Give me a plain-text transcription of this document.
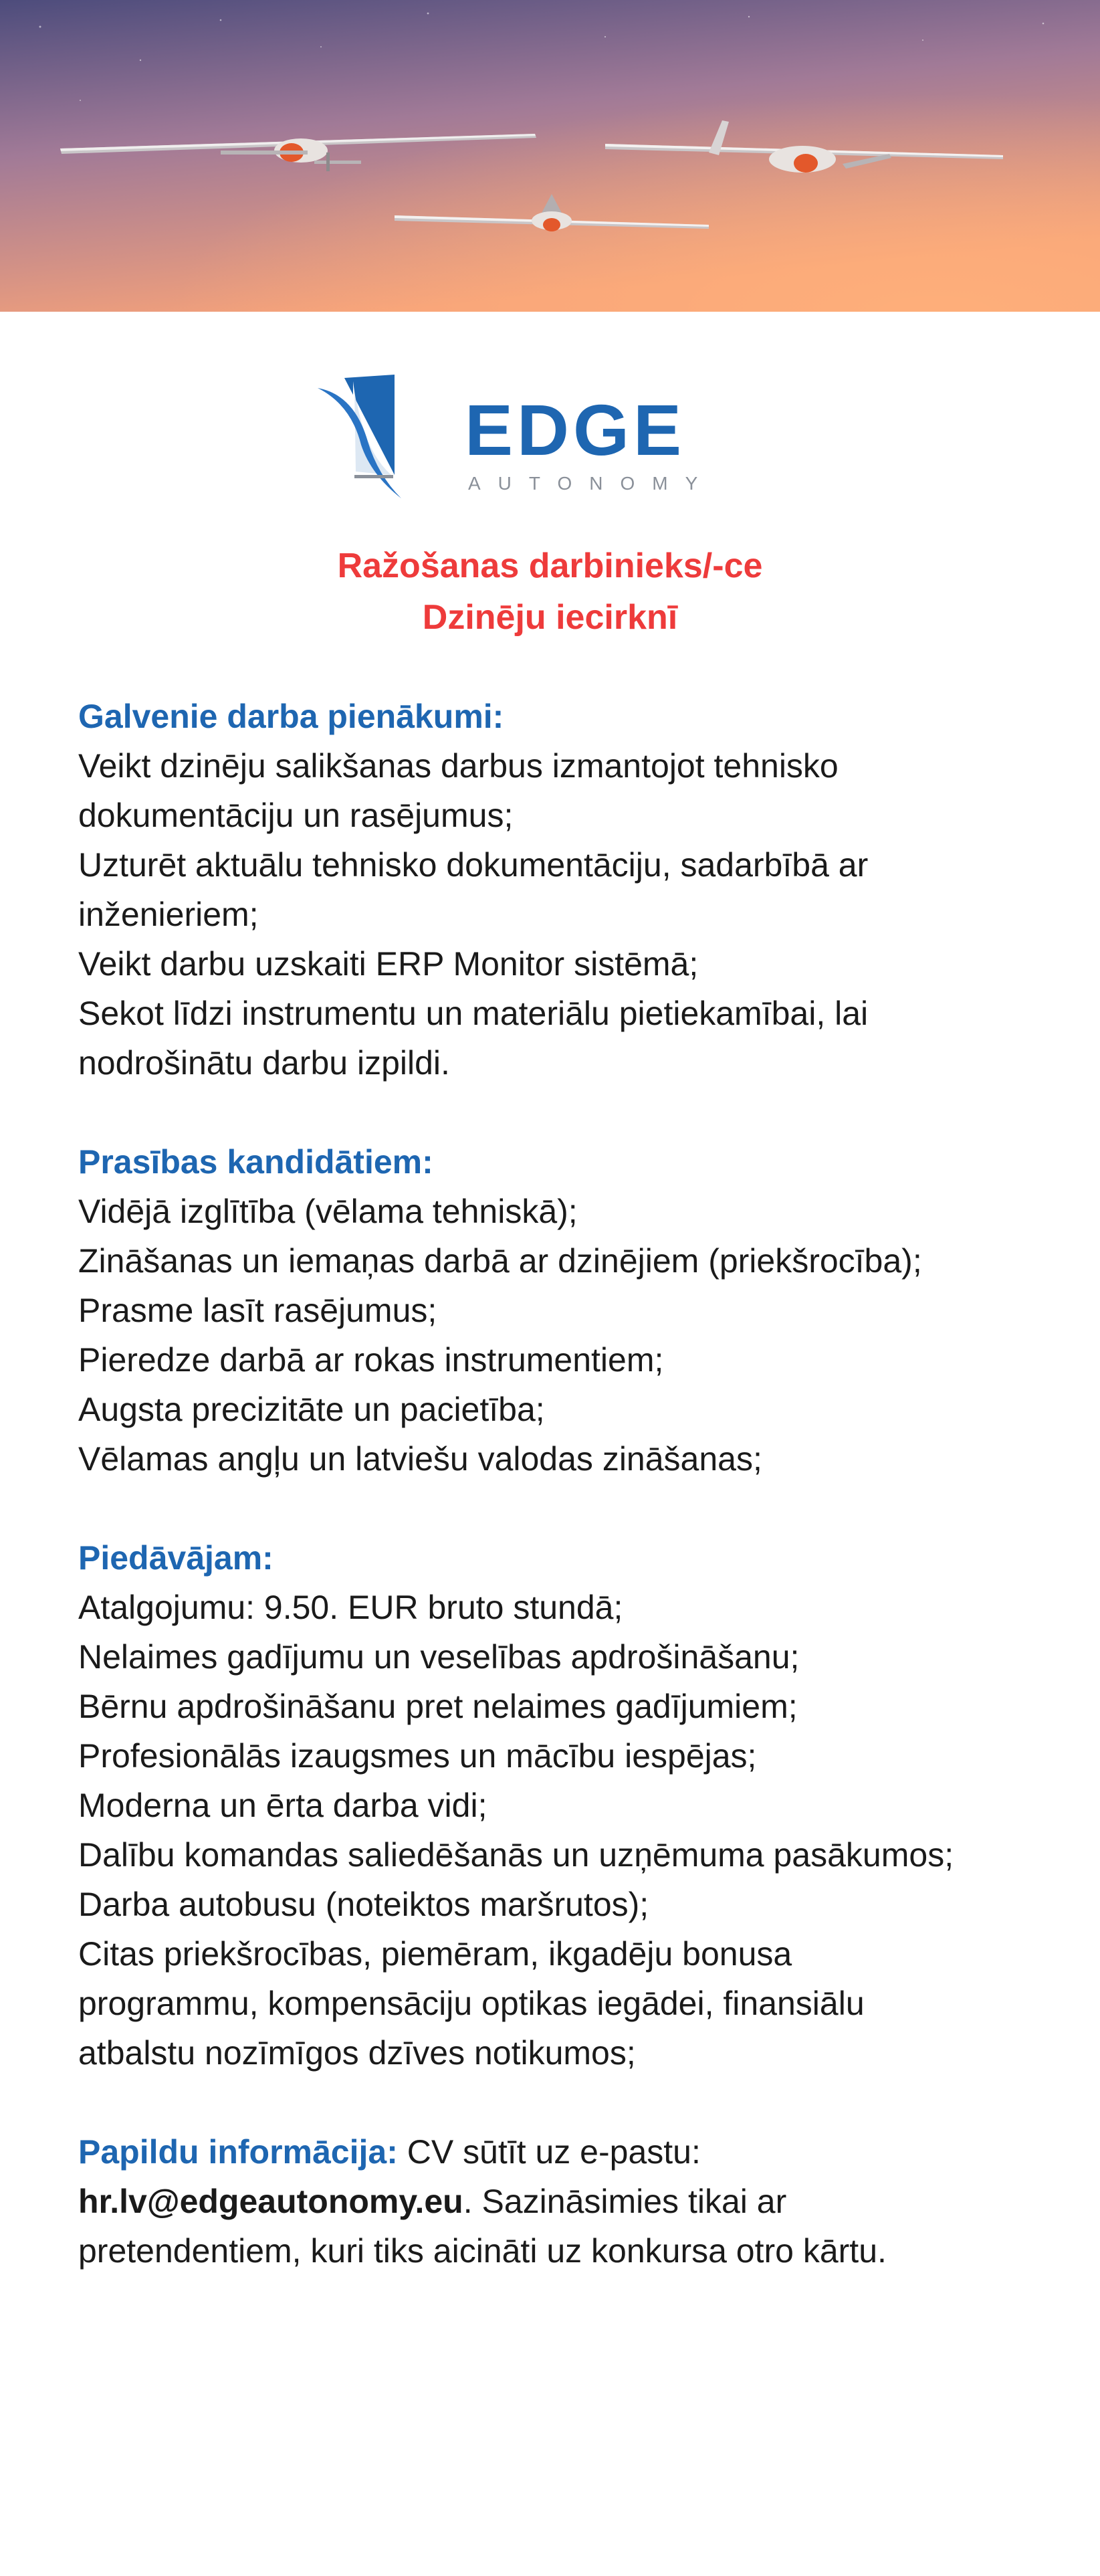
EDGE
AUTONOMY
Ražošanas darbinieks/-ce
Dzinēju iecirknī

Galvenie darba pienākumi:

Veikt dzinēju salikšanas darbus izmantojot tehnisko

dokumentāciju un rasējumus;

Uzturēt aktuālu tehnisko dokumentāciju, sadarbībā ar

inženieriem;

Veikt darbu uzskaiti ERP Monitor sistēmā;

Sekot līdzi instrumentu un materiālu pietiekamībai, lai

nodrošinātu darbu izpildi.

Prasības kandidātiem:

Vidējā izglītība (vēlama tehniskā);

Zināšanas un iemaņas darbā ar dzinējiem (priekšrocība);

Prasme lasīt rasējumus;

Pieredze darbā ar rokas instrumentiem;

Augsta precizitāte un pacietība;

Vēlamas angļu un latviešu valodas zināšanas;

Piedāvājam:

Atalgojumu: 9.50. EUR bruto stundā;

Nelaimes gadījumu un veselības apdrošināšanu;

Bērnu apdrošināšanu pret nelaimes gadījumiem;

Profesionālās izaugsmes un mācību iespējas;

Moderna un ērta darba vidi;

Dalību komandas saliedēšanās un uzņēmuma pasākumos;

Darba autobusu (noteiktos maršrutos);

Citas priekšrocības, piemēram, ikgadēju bonusa

programmu, kompensāciju optikas iegādei, finansiālu

atbalstu nozīmīgos dzīves notikumos;

Papildu informācija: CV sūtīt uz e-pastu:

hr.lv@edgeautonomy.eu. Sazināsimies tikai ar

pretendentiem, kuri tiks aicināti uz konkursa otro kārtu.
